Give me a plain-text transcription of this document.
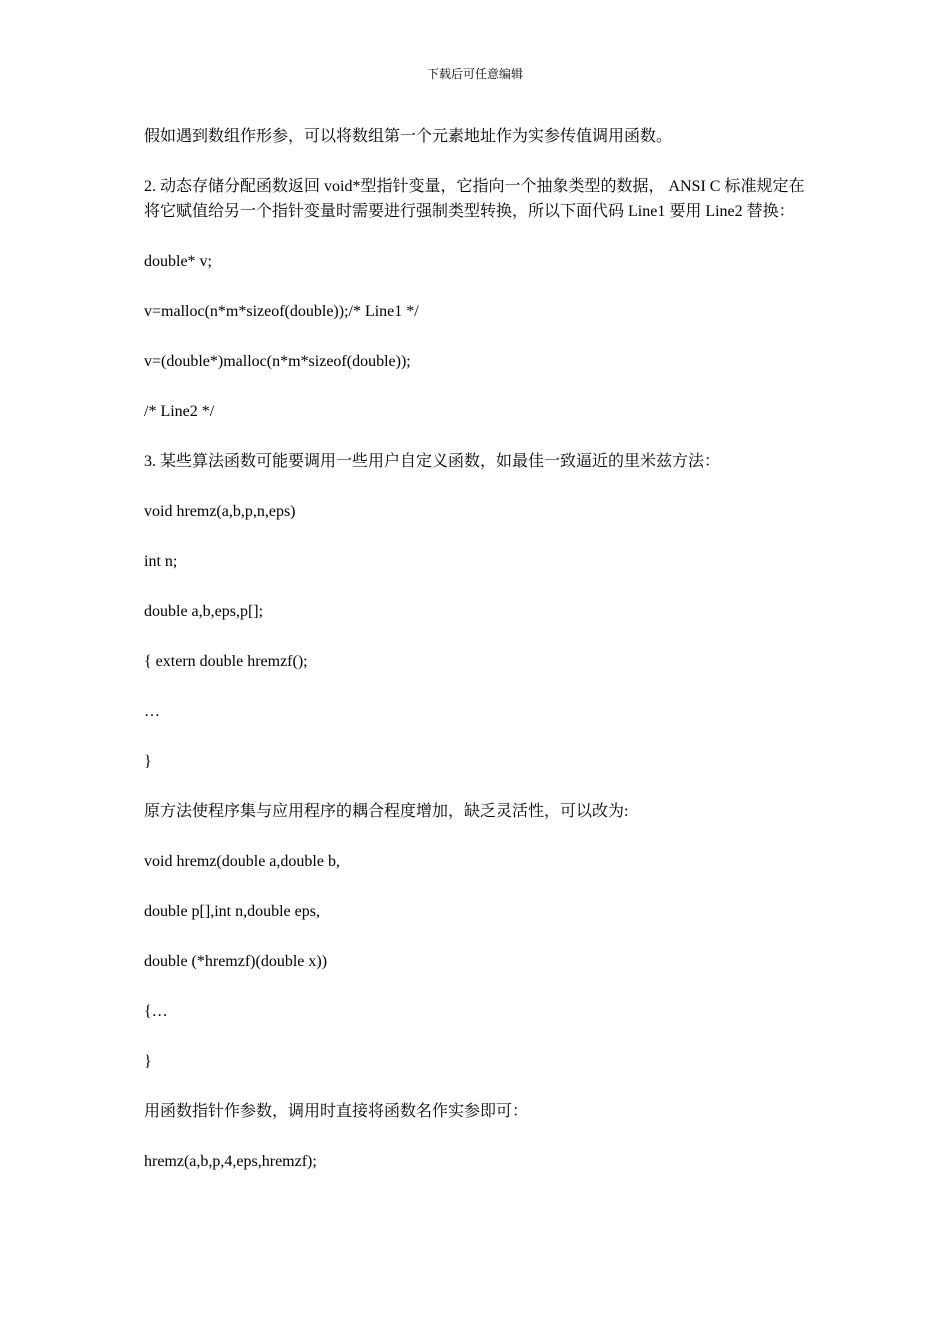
下载后可任意编辑

假如遇到数组作形参，可以将数组第一个元素地址作为实参传值调用函数。

2. 动态存储分配函数返回 void*型指针变量，它指向一个抽象类型的数据， ANSI C 标准规定在将它赋值给另一个指针变量时需要进行强制类型转换，所以下面代码 Line1 要用 Line2 替换：

double* v;

v=malloc(n*m*sizeof(double));/* Line1 */

v=(double*)malloc(n*m*sizeof(double));

/* Line2 */

3. 某些算法函数可能要调用一些用户自定义函数，如最佳一致逼近的里米兹方法：

void hremz(a,b,p,n,eps)

int n;

double a,b,eps,p[];

{ extern double hremzf();

…

}

原方法使程序集与应用程序的耦合程度增加，缺乏灵活性，可以改为:

void hremz(double a,double b,

double p[],int n,double eps,

double (*hremzf)(double x))

{…

}

用函数指针作参数，调用时直接将函数名作实参即可：

hremz(a,b,p,4,eps,hremzf);
